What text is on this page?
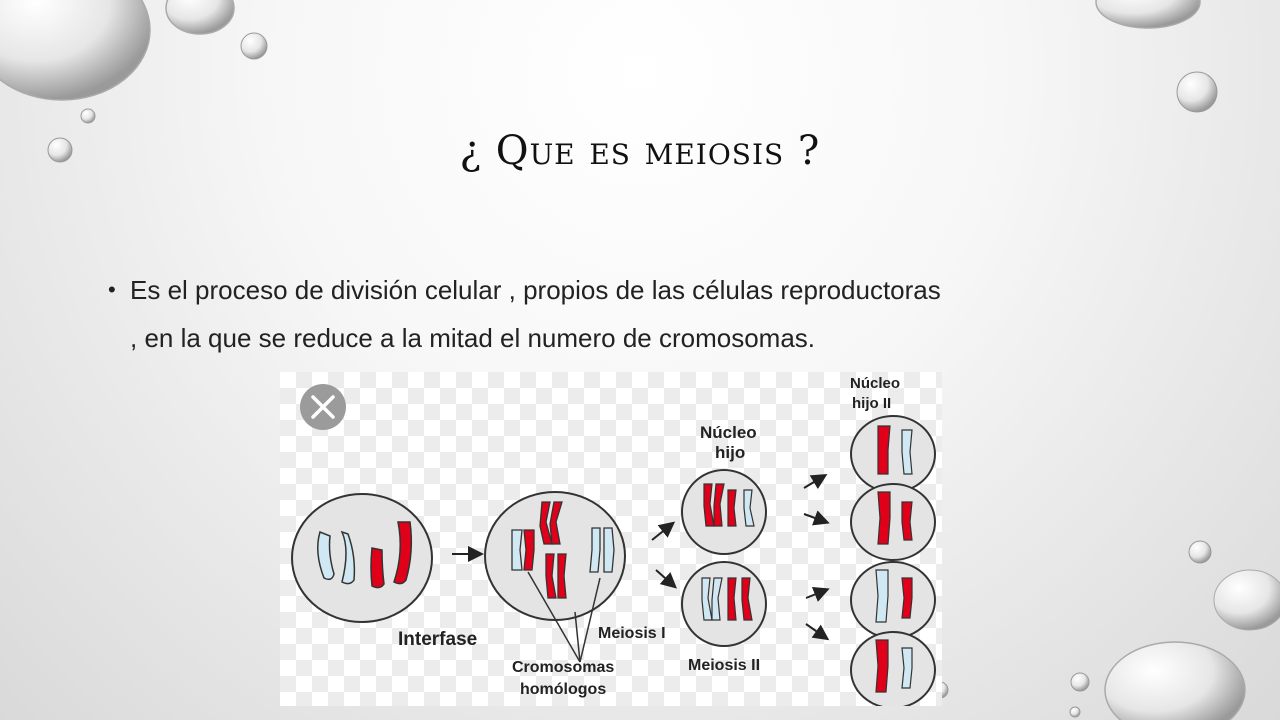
¿ Que es meiosis ?
• Es el proceso de división celular , propios de las células reproductoras
, en la que se reduce a la mitad el numero de cromosomas.
Interfase	Meiosis I
Cromosomas
homólogos
Núcleo
hijo
Meiosis II
Núcleo
hijo II
